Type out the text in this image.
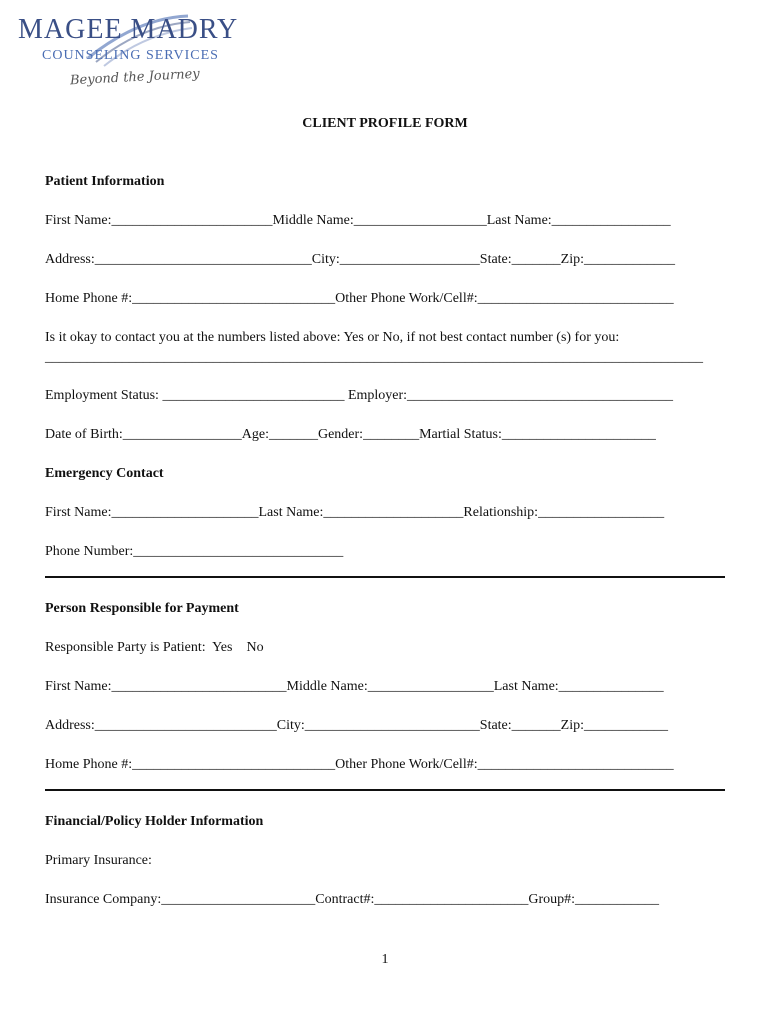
MAGEE MADRY
COUNSELING SERVICES
Beyond the Journey
CLIENT PROFILE FORM
Patient Information
First Name:_______________________Middle Name:___________________Last Name:_________________
Address:_______________________________City:____________________State:_______Zip:_____________
Home Phone #:_____________________________Other Phone Work/Cell#:____________________________
Is it okay to contact you at the numbers listed above: Yes or No, if not best contact number (s) for you:
______________________________________________________________________________________________
Employment Status: __________________________ Employer:______________________________________
Date of Birth:_________________Age:_______Gender:________Martial Status:______________________
Emergency Contact
First Name:_____________________Last Name:____________________Relationship:__________________
Phone Number:______________________________
Person Responsible for Payment
Responsible Party is Patient:  Yes    No
First Name:_________________________Middle Name:__________________Last Name:_______________
Address:__________________________City:_________________________State:_______Zip:____________
Home Phone #:_____________________________Other Phone Work/Cell#:____________________________
Financial/Policy Holder Information
Primary Insurance:
Insurance Company:______________________Contract#:______________________Group#:____________
1
